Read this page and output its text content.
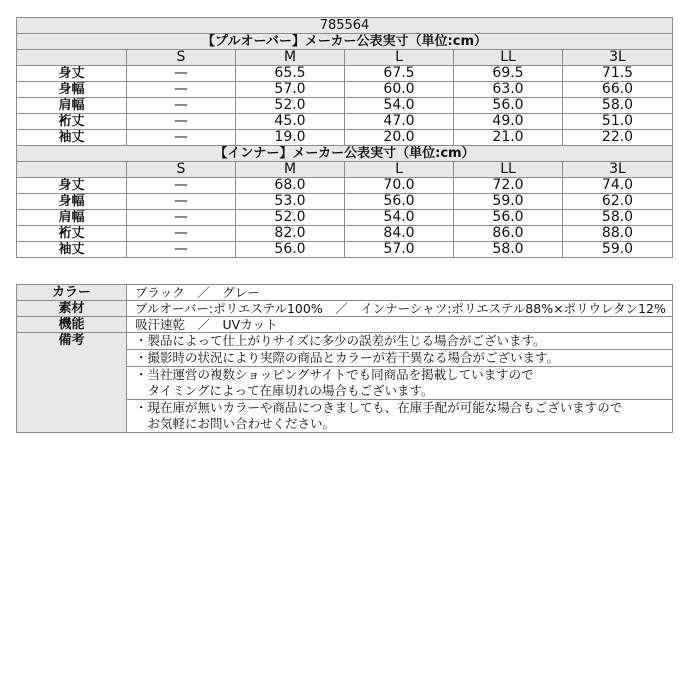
785564					
【プルオーバー】メーカー公表実寸（単位:cm）					
	S	M	L	LL	3L
身丈	—	65.5	67.5	69.5	71.5
身幅	—	57.0	60.0	63.0	66.0
肩幅	—	52.0	54.0	56.0	58.0
裄丈	—	45.0	47.0	49.0	51.0
袖丈	—	19.0	20.0	21.0	22.0
【インナー】メーカー公表実寸（単位:cm）					
	S	M	L	LL	3L
身丈	—	68.0	70.0	72.0	74.0
身幅	—	53.0	56.0	59.0	62.0
肩幅	—	52.0	54.0	56.0	58.0
裄丈	—	82.0	84.0	86.0	88.0
袖丈	—	56.0	57.0	58.0	59.0
カラー	ブラック　／　グレー
素材	プルオーバー:ポリエステル100%　／　インナーシャツ:ポリエステル88%×ポリウレタン12%
機能	吸汗速乾　／　UVカット
備考	・製品によって仕上がりサイズに多少の誤差が生じる場合がございます。

	・撮影時の状況により実際の商品とカラーが若干異なる場合がございます。

	・当社運営の複数ショッピングサイトでも同商品を掲載していますので
　タイミングによって在庫切れの場合もございます。

	・現在庫が無いカラーや商品につきましても、在庫手配が可能な場合もございますので
　お気軽にお問い合わせください。
